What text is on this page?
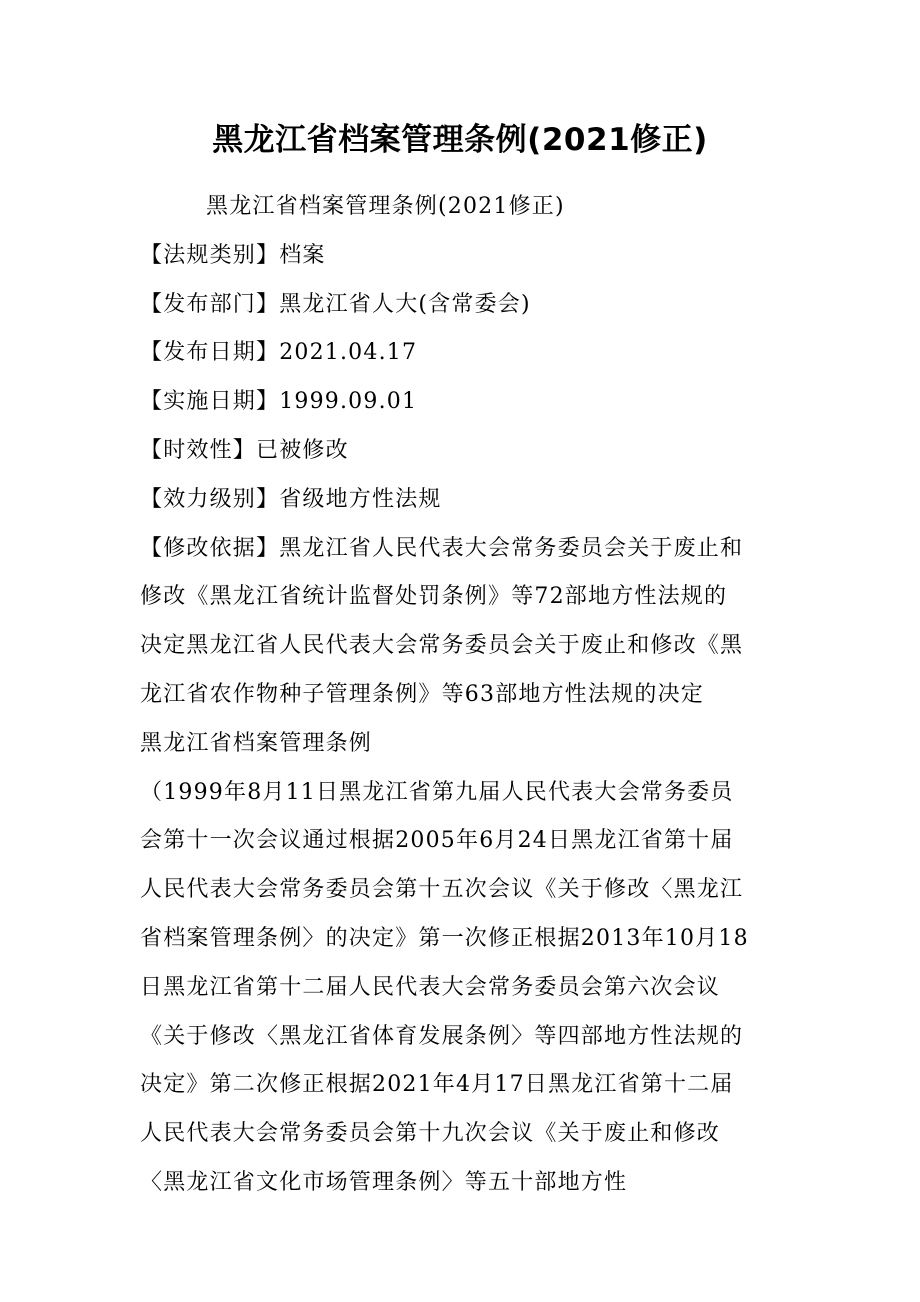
黑龙江省档案管理条例(2021修正)
黑龙江省档案管理条例(2021修正)
【法规类别】档案
【发布部门】黑龙江省人大(含常委会)
【发布日期】2021.04.17
【实施日期】1999.09.01
【时效性】已被修改
【效力级别】省级地方性法规
【修改依据】黑龙江省人民代表大会常务委员会关于废止和
修改《黑龙江省统计监督处罚条例》等72部地方性法规的
决定黑龙江省人民代表大会常务委员会关于废止和修改《黑
龙江省农作物种子管理条例》等63部地方性法规的决定
黑龙江省档案管理条例
（1999年8月11日黑龙江省第九届人民代表大会常务委员
会第十一次会议通过根据2005年6月24日黑龙江省第十届
人民代表大会常务委员会第十五次会议《关于修改〈黑龙江
省档案管理条例〉的决定》第一次修正根据2013年10月18
日黑龙江省第十二届人民代表大会常务委员会第六次会议
《关于修改〈黑龙江省体育发展条例〉等四部地方性法规的
决定》第二次修正根据2021年4月17日黑龙江省第十二届
人民代表大会常务委员会第十九次会议《关于废止和修改
〈黑龙江省文化市场管理条例〉等五十部地方性
